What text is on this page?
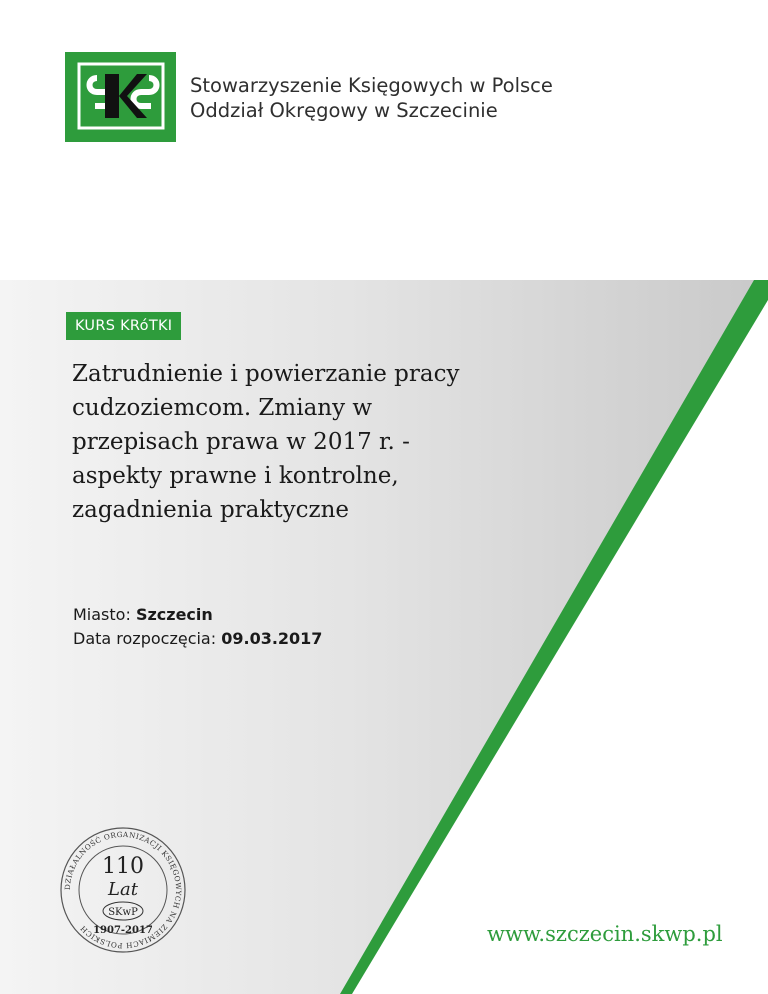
Stowarzyszenie Księgowych w Polsce
Oddział Okręgowy w Szczecinie
KURS KRóTKI
Zatrudnienie i powierzanie pracy
cudzoziemcom. Zmiany w
przepisach prawa w 2017 r. -
aspekty prawne i kontrolne,
zagadnienia praktyczne
Miasto: Szczecin
Data rozpoczęcia: 09.03.2017
DZIAŁALNOŚĆ ORGANIZACJI KSIĘGOWYCH NA ZIEMIACH POLSKICH
110
Lat
SKwP
1907-2017	www.szczecin.skwp.pl
